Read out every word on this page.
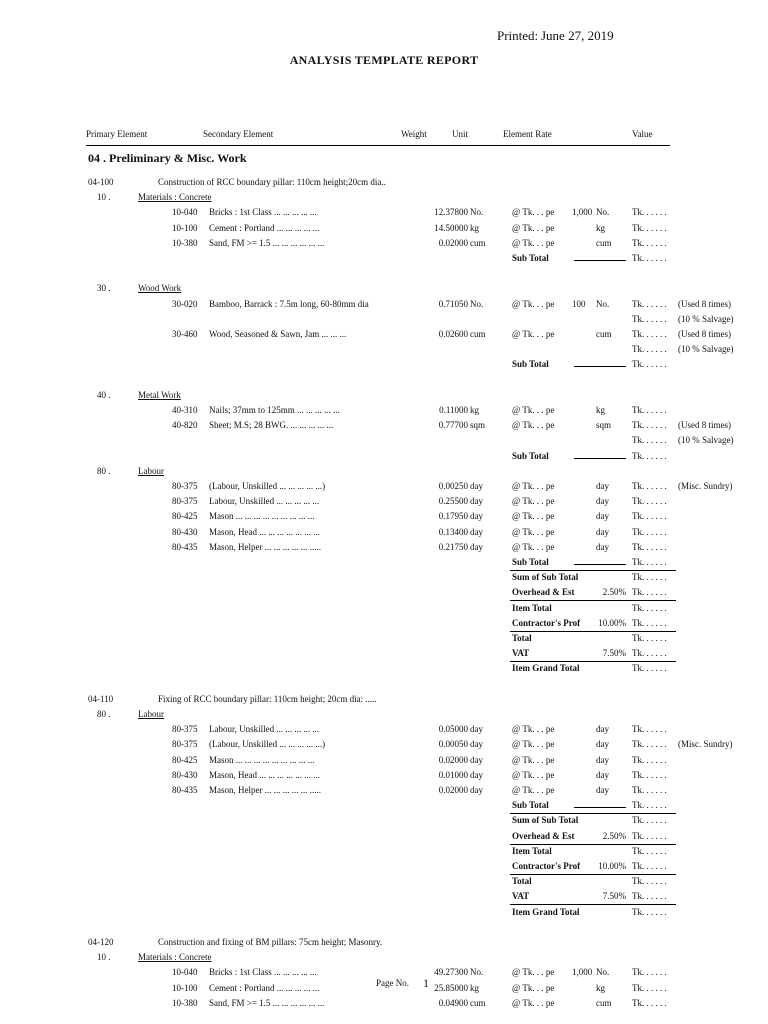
Printed: June 27, 2019
ANALYSIS TEMPLATE REPORT
Primary Element	Secondary Element	Weight	Unit	Element Rate	Value
04 . Preliminary & Misc. Work
04-100	Construction of RCC boundary pillar: 110cm height;20cm dia..
10 .	Materials : Concrete
10-040 Bricks : 1st Class ... ... ... ... ...	12.37800 No.	@ Tk. . . pe 1,000 No.	Tk. . . . . .
10-100 Cement : Portland ... ... ... ... ...	14.50000 kg	@ Tk. . . pe	kg	Tk. . . . . .
10-380 Sand, FM >= 1.5 ... ... ... ... ... ...	0.02000 cum	@ Tk. . . pe	cum Tk. . . . . .
Sub Total	Tk. . . . . .
30 .	Wood Work
30-020 Bamboo, Barrack : 7.5m long, 60-80mm dia	0.71050 No.	@ Tk. . . pe 100 No.	Tk. . . . . . (Used 8 times)
Tk. . . . . . (10 % Salvage)
30-460 Wood, Seasoned & Sawn, Jam ... ... ...	0.02600 cum	@ Tk. . . pe	cum Tk. . . . . . (Used 8 times)
Tk. . . . . . (10 % Salvage)
Sub Total	Tk. . . . . .
40 .	Metal Work
40-310 Nails; 37mm to 125mm ... ... ... ... ...	0.11000 kg	@ Tk. . . pe	kg	Tk. . . . . .
40-820 Sheet; M.S; 28 BWG. ... ... ... ... ...	0.77700 sqm	@ Tk. . . pe	sqm Tk. . . . . . (Used 8 times)
Tk. . . . . . (10 % Salvage)
Sub Total	Tk. . . . . .
80 .	Labour
80-375 (Labour, Unskilled ... ... ... ... ...)	0.00250 day	@ Tk. . . pe	day	Tk. . . . . . (Misc. Sundry)
80-375 Labour, Unskilled ... ... ... ... ...	0.25500 day	@ Tk. . . pe	day	Tk. . . . . .
80-425 Mason ... ... ... ... ... ... ... ... ...	0.17950 day	@ Tk. . . pe	day	Tk. . . . . .
80-430 Mason, Head ... ... ... ... ... ... ...	0.13400 day	@ Tk. . . pe	day	Tk. . . . . .
80-435 Mason, Helper ... ... ... ... ... .....	0.21750 day	@ Tk. . . pe	day	Tk. . . . . .
Sub Total	Tk. . . . . .
Sum of Sub Total	Tk. . . . . .
Overhead & Est	2.50% Tk. . . . . .
Item Total	Tk. . . . . .
Contractor's Prof	10.00% Tk. . . . . .
Total	Tk. . . . . .
VAT	7.50% Tk. . . . . .
Item Grand Total	Tk. . . . . .
04-110	Fixing of RCC boundary pillar: 110cm height; 20cm dia: .....
80 .	Labour
80-375 Labour, Unskilled ... ... ... ... ...	0.05000 day	@ Tk. . . pe	day	Tk. . . . . .
80-375 (Labour, Unskilled ... ... ... ... ...)	0.00050 day	@ Tk. . . pe	day	Tk. . . . . . (Misc. Sundry)
80-425 Mason ... ... ... ... ... ... ... ... ...	0.02000 day	@ Tk. . . pe	day	Tk. . . . . .
80-430 Mason, Head ... ... ... ... ... ... ...	0.01000 day	@ Tk. . . pe	day	Tk. . . . . .
80-435 Mason, Helper ... ... ... ... ... .....	0.02000 day	@ Tk. . . pe	day	Tk. . . . . .
Sub Total	Tk. . . . . .
Sum of Sub Total	Tk. . . . . .
Overhead & Est	2.50% Tk. . . . . .
Item Total	Tk. . . . . .
Contractor's Prof	10.00% Tk. . . . . .
Total	Tk. . . . . .
VAT	7.50% Tk. . . . . .
Item Grand Total	Tk. . . . . .
04-120	Construction and fixing of BM pillars: 75cm height; Masonry.
10 .	Materials : Concrete
10-040 Bricks : 1st Class ... ... ... ... ...	49.27300 No.	@ Tk. . . pe 1,000 No.	Tk. . . . . .
10-100 Cement : Portland ... ... ... ... ...	25.85000 kg	@ Tk. . . pe	kg	Tk. . . . . .
10-380 Sand, FM >= 1.5 ... ... ... ... ... ...	0.04900 cum	@ Tk. . . pe	cum Tk. . . . . .
Page No. 1
